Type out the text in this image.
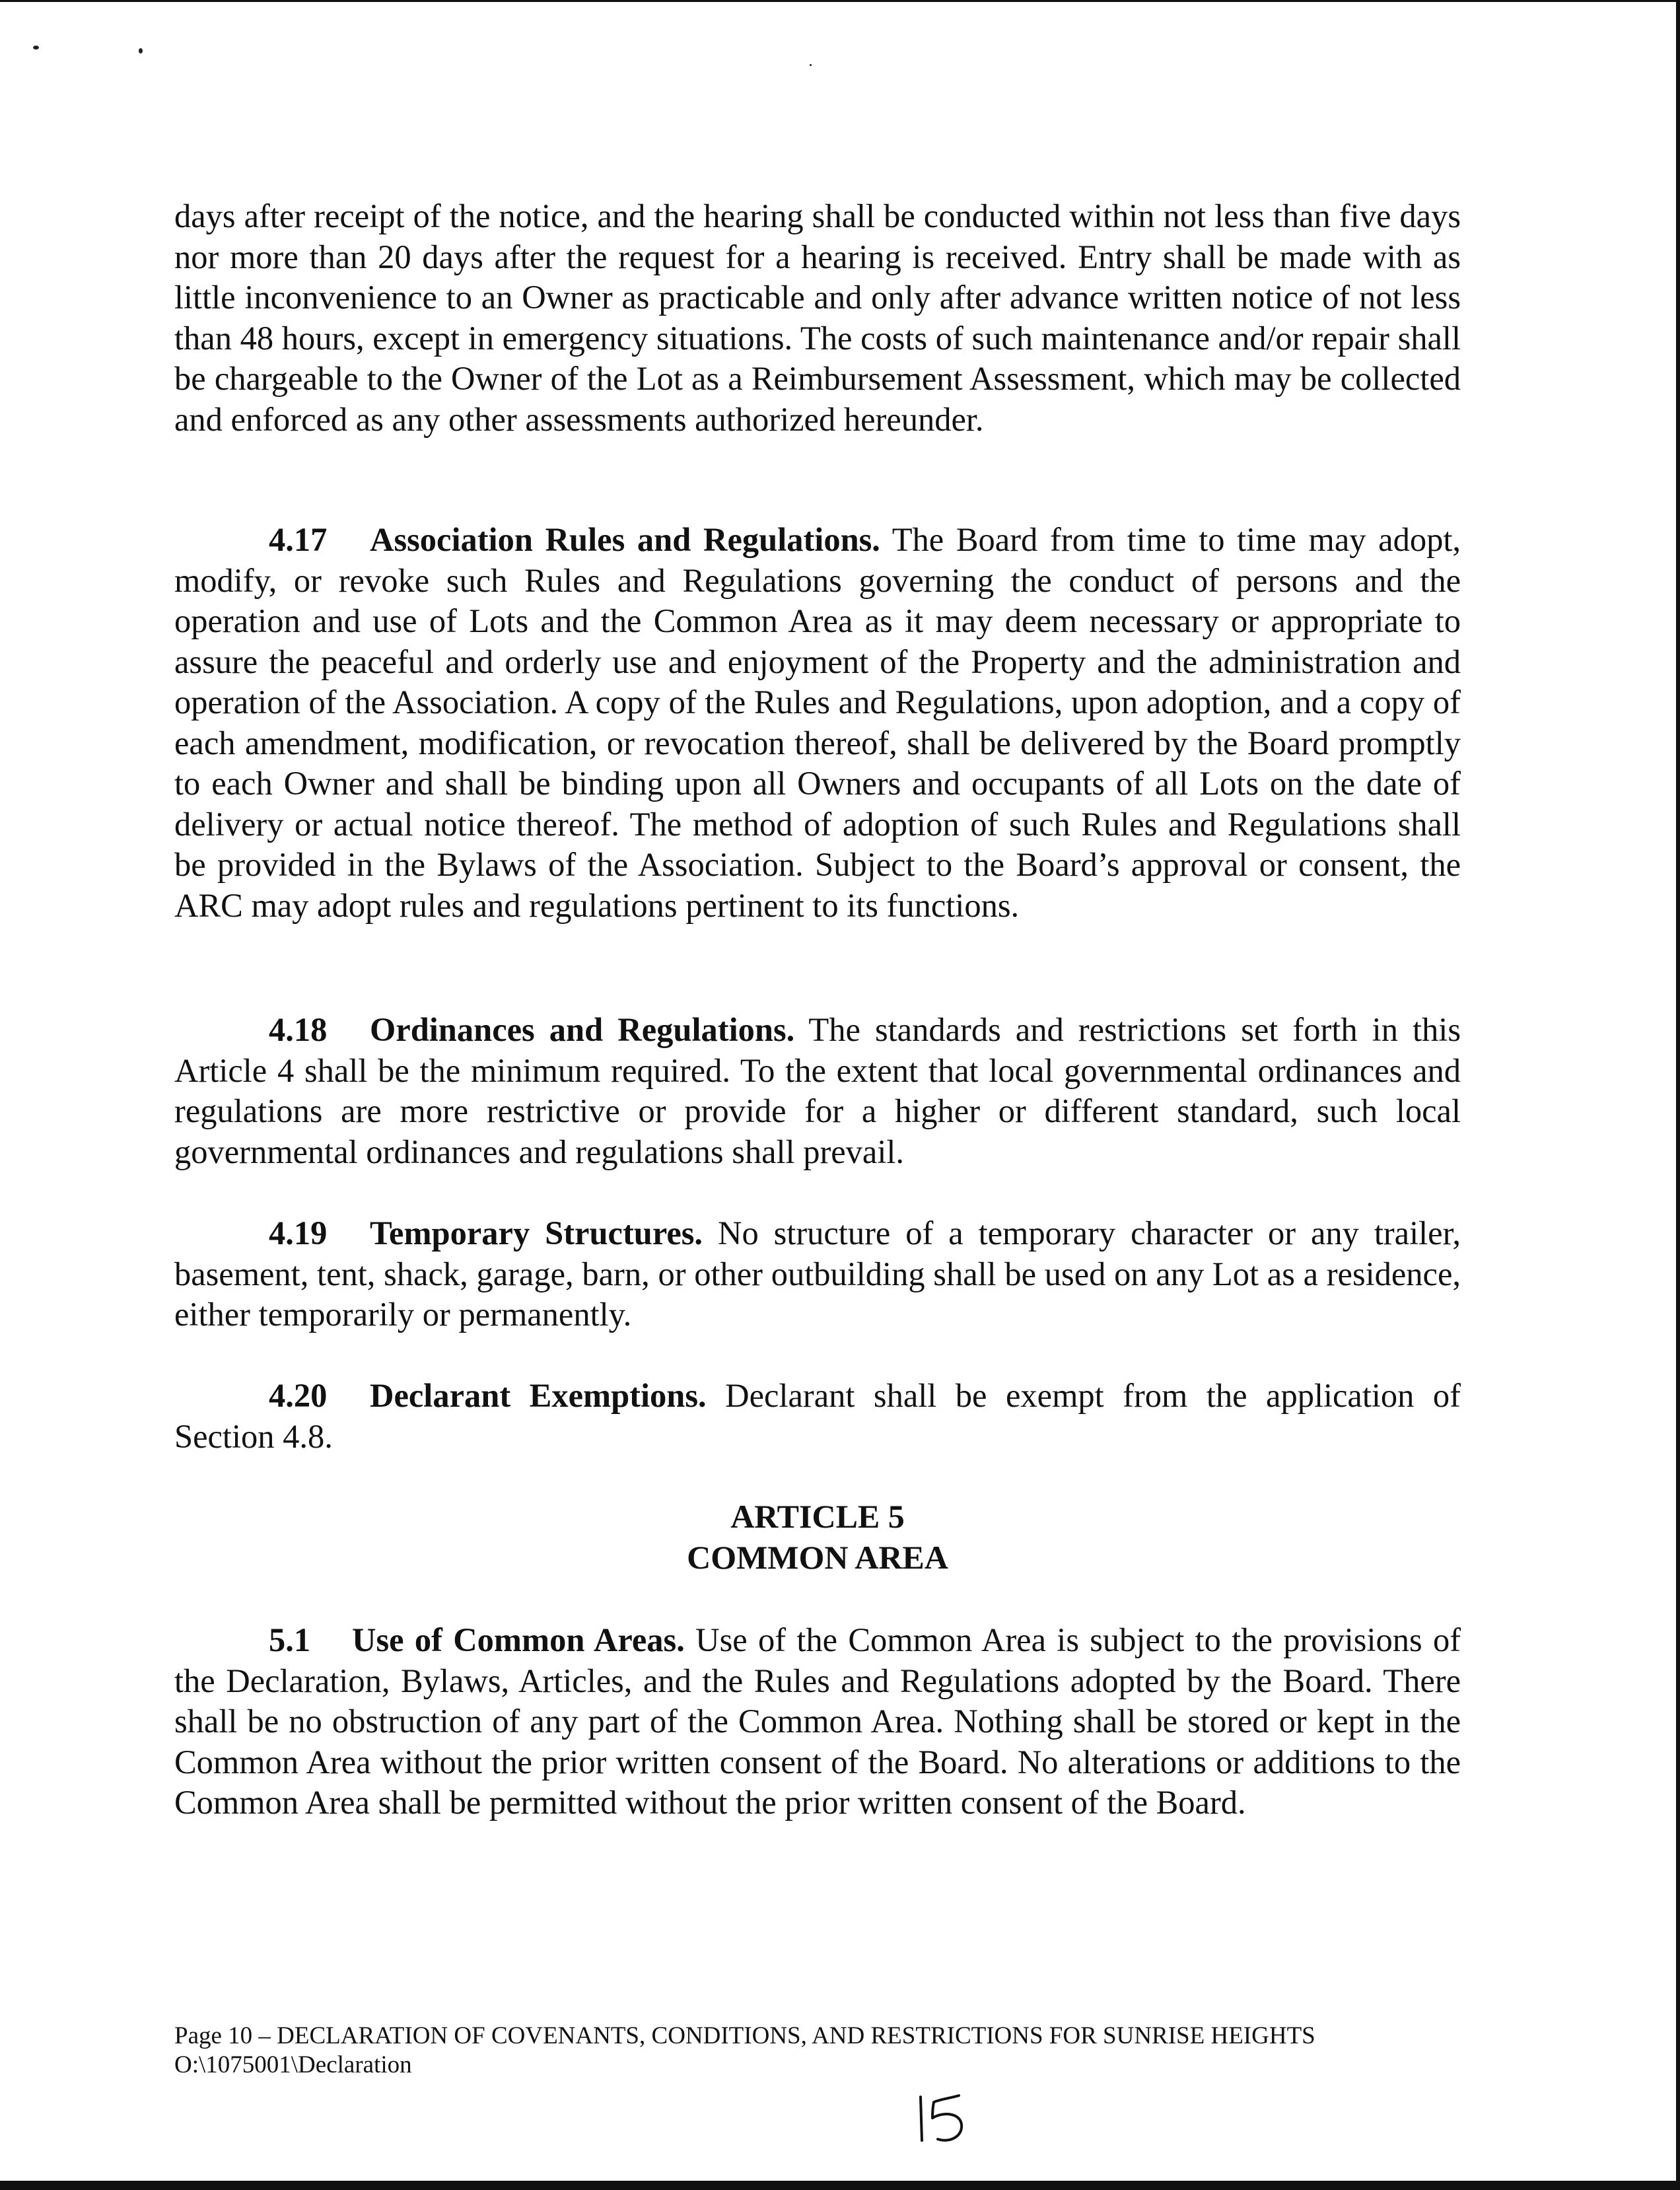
days after receipt of the notice, and the hearing shall be conducted within not less than five days nor more than 20 days after the request for a hearing is received. Entry shall be made with as little inconvenience to an Owner as practicable and only after advance written notice of not less than 48 hours, except in emergency situations. The costs of such maintenance and/or repair shall be chargeable to the Owner of the Lot as a Reimbursement Assessment, which may be collected and enforced as any other assessments authorized hereunder.

4.17 Association Rules and Regulations. The Board from time to time may adopt, modify, or revoke such Rules and Regulations governing the conduct of persons and the operation and use of Lots and the Common Area as it may deem necessary or appropriate to assure the peaceful and orderly use and enjoyment of the Property and the administration and operation of the Association. A copy of the Rules and Regulations, upon adoption, and a copy of each amendment, modification, or revocation thereof, shall be delivered by the Board promptly to each Owner and shall be binding upon all Owners and occupants of all Lots on the date of delivery or actual notice thereof. The method of adoption of such Rules and Regulations shall be provided in the Bylaws of the Association. Subject to the Board’s approval or consent, the ARC may adopt rules and regulations pertinent to its functions.

4.18 Ordinances and Regulations. The standards and restrictions set forth in this Article 4 shall be the minimum required. To the extent that local governmental ordinances and regulations are more restrictive or provide for a higher or different standard, such local governmental ordinances and regulations shall prevail.

4.19 Temporary Structures. No structure of a temporary character or any trailer, basement, tent, shack, garage, barn, or other outbuilding shall be used on any Lot as a residence, either temporarily or permanently.

4.20 Declarant Exemptions. Declarant shall be exempt from the application of Section 4.8.

ARTICLE 5
COMMON AREA

5.1 Use of Common Areas. Use of the Common Area is subject to the provisions of the Declaration, Bylaws, Articles, and the Rules and Regulations adopted by the Board. There shall be no obstruction of any part of the Common Area. Nothing shall be stored or kept in the Common Area without the prior written consent of the Board. No alterations or additions to the Common Area shall be permitted without the prior written consent of the Board.

Page 10 – DECLARATION OF COVENANTS, CONDITIONS, AND RESTRICTIONS FOR SUNRISE HEIGHTS
O:\1075001\Declaration
